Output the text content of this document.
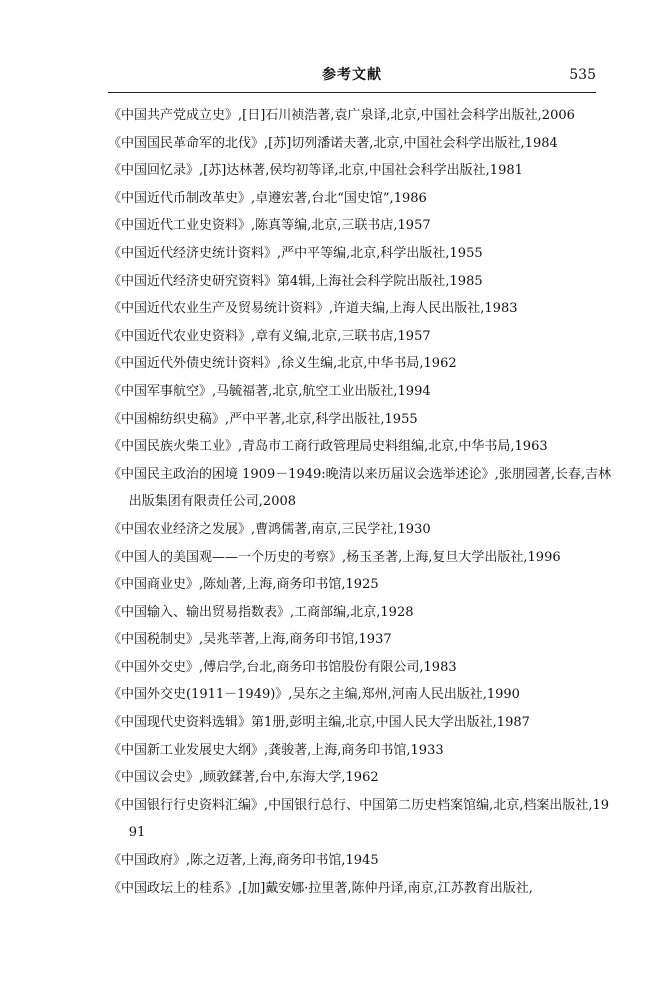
参考文献	535
《中国共产党成立史》,[日]石川祯浩著,袁广泉译,北京,中国社会科学出版社,2006
《中国国民革命军的北伐》,[苏]切列潘诺夫著,北京,中国社会科学出版社,1984
《中国回忆录》,[苏]达林著,侯均初等译,北京,中国社会科学出版社,1981
《中国近代币制改革史》,卓遵宏著,台北“国史馆”,1986
《中国近代工业史资料》,陈真等编,北京,三联书店,1957
《中国近代经济史统计资料》,严中平等编,北京,科学出版社,1955
《中国近代经济史研究资料》第4辑,上海社会科学院出版社,1985
《中国近代农业生产及贸易统计资料》,许道夫编,上海人民出版社,1983
《中国近代农业史资料》,章有义编,北京,三联书店,1957
《中国近代外债史统计资料》,徐义生编,北京,中华书局,1962
《中国军事航空》,马毓福著,北京,航空工业出版社,1994
《中国棉纺织史稿》,严中平著,北京,科学出版社,1955
《中国民族火柴工业》,青岛市工商行政管理局史料组编,北京,中华书局,1963
《中国民主政治的困境 1909－1949:晚清以来历届议会选举述论》,张朋园著,长春,吉林出版集团有限责任公司,2008
《中国农业经济之发展》,曹鸿儒著,南京,三民学社,1930
《中国人的美国观——一个历史的考察》,杨玉圣著,上海,复旦大学出版社,1996
《中国商业史》,陈灿著,上海,商务印书馆,1925
《中国输入、输出贸易指数表》,工商部编,北京,1928
《中国税制史》,吴兆莘著,上海,商务印书馆,1937
《中国外交史》,傅启学,台北,商务印书馆股份有限公司,1983
《中国外交史(1911－1949)》,吴东之主编,郑州,河南人民出版社,1990
《中国现代史资料选辑》第1册,彭明主编,北京,中国人民大学出版社,1987
《中国新工业发展史大纲》,龚骏著,上海,商务印书馆,1933
《中国议会史》,顾敦鍒著,台中,东海大学,1962
《中国银行行史资料汇编》,中国银行总行、中国第二历史档案馆编,北京,档案出版社,1991
《中国政府》,陈之迈著,上海,商务印书馆,1945
《中国政坛上的桂系》,[加]戴安娜·拉里著,陈仲丹译,南京,江苏教育出版社,
